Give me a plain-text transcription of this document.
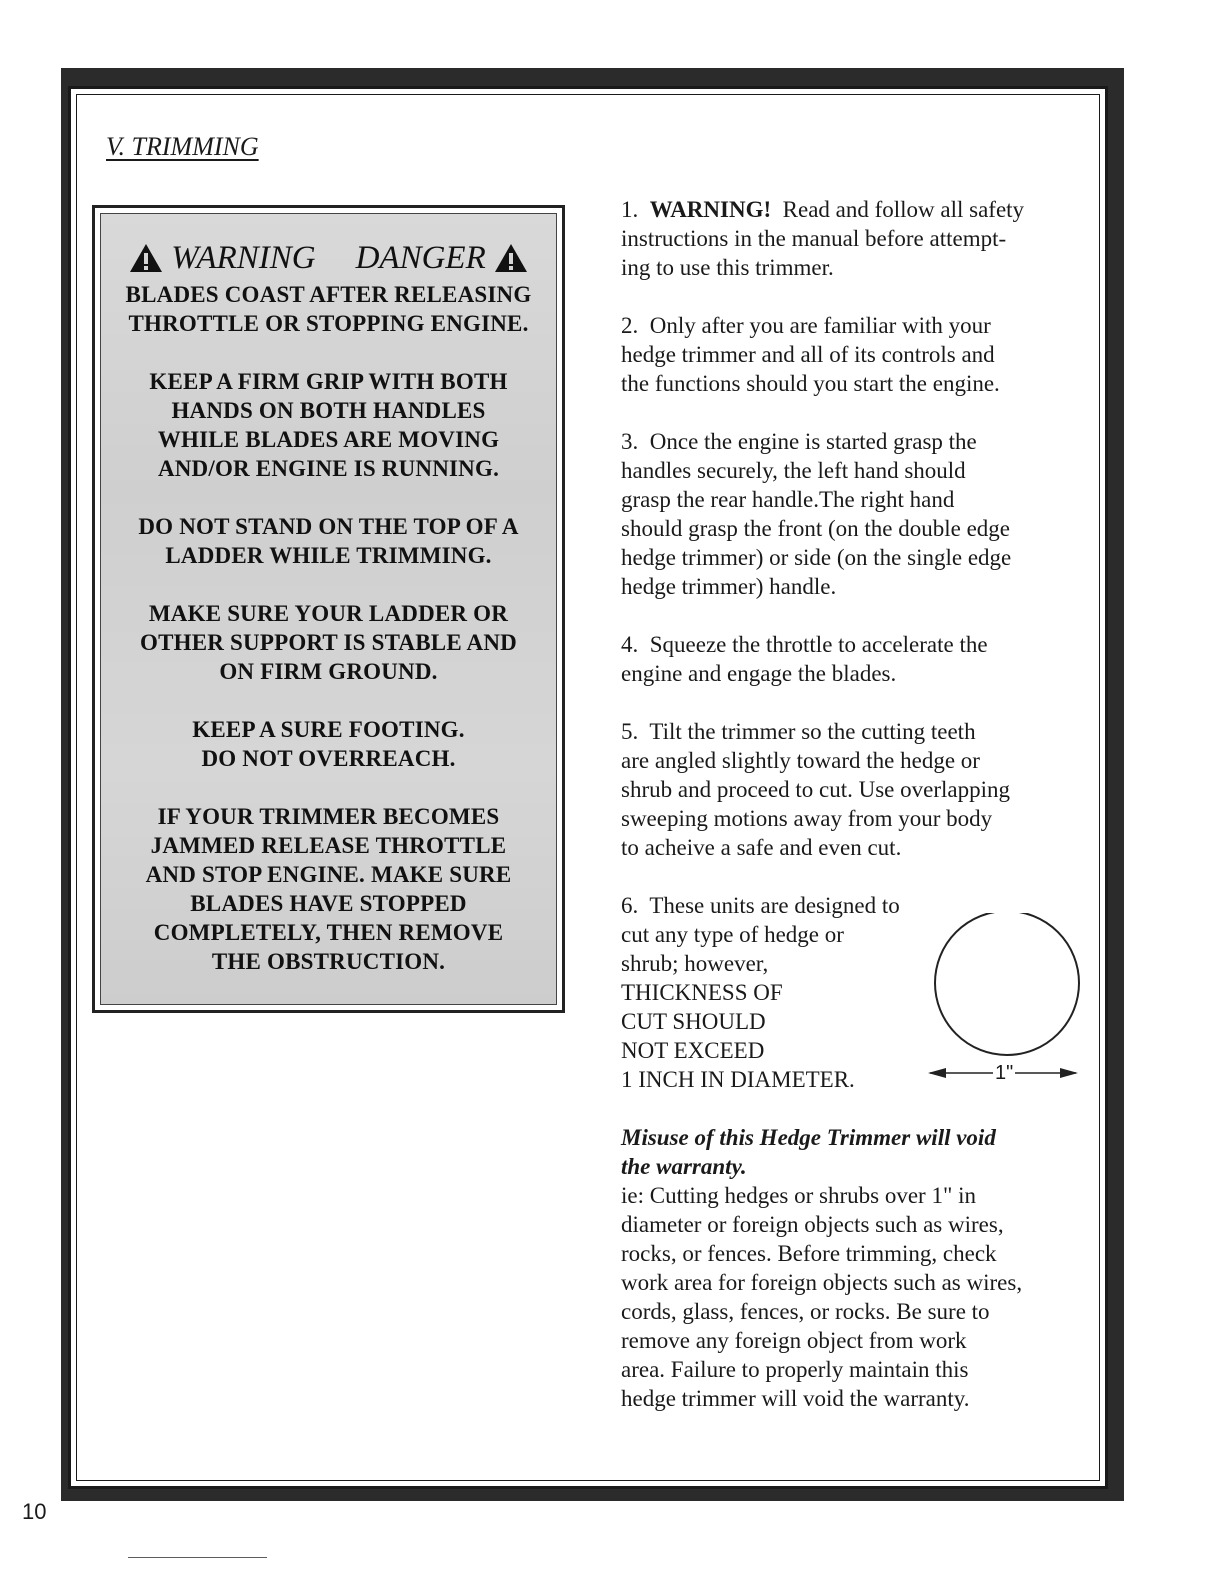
V. TRIMMING
WARNING DANGER

BLADES COAST AFTER RELEASING
THROTTLE OR STOPPING ENGINE.

KEEP A FIRM GRIP WITH BOTH
HANDS ON BOTH HANDLES
WHILE BLADES ARE MOVING
AND/OR ENGINE IS RUNNING.

DO NOT STAND ON THE TOP OF A
LADDER WHILE TRIMMING.

MAKE SURE YOUR LADDER OR
OTHER SUPPORT IS STABLE AND
ON FIRM GROUND.

KEEP A SURE FOOTING.
DO NOT OVERREACH.

IF YOUR TRIMMER BECOMES
JAMMED RELEASE THROTTLE
AND STOP ENGINE. MAKE SURE
BLADES HAVE STOPPED
COMPLETELY, THEN REMOVE
THE OBSTRUCTION.

1. WARNING! Read and follow all safety
instructions in the manual before attempt-
ing to use this trimmer.

2. Only after you are familiar with your
hedge trimmer and all of its controls and
the functions should you start the engine.

3. Once the engine is started grasp the
handles securely, the left hand should
grasp the rear handle.The right hand
should grasp the front (on the double edge
hedge trimmer) or side (on the single edge
hedge trimmer) handle.

4. Squeeze the throttle to accelerate the
engine and engage the blades.

5. Tilt the trimmer so the cutting teeth
are angled slightly toward the hedge or
shrub and proceed to cut. Use overlapping
sweeping motions away from your body
to acheive a safe and even cut.

6. These units are designed to
cut any type of hedge or
shrub; however,
THICKNESS OF
CUT SHOULD
NOT EXCEED
1 INCH IN DIAMETER.	1"

Misuse of this Hedge Trimmer will void
the warranty.

ie: Cutting hedges or shrubs over 1" in
diameter or foreign objects such as wires,
rocks, or fences. Before trimming, check
work area for foreign objects such as wires,
cords, glass, fences, or rocks. Be sure to
remove any foreign object from work
area. Failure to properly maintain this
hedge trimmer will void the warranty.

10
